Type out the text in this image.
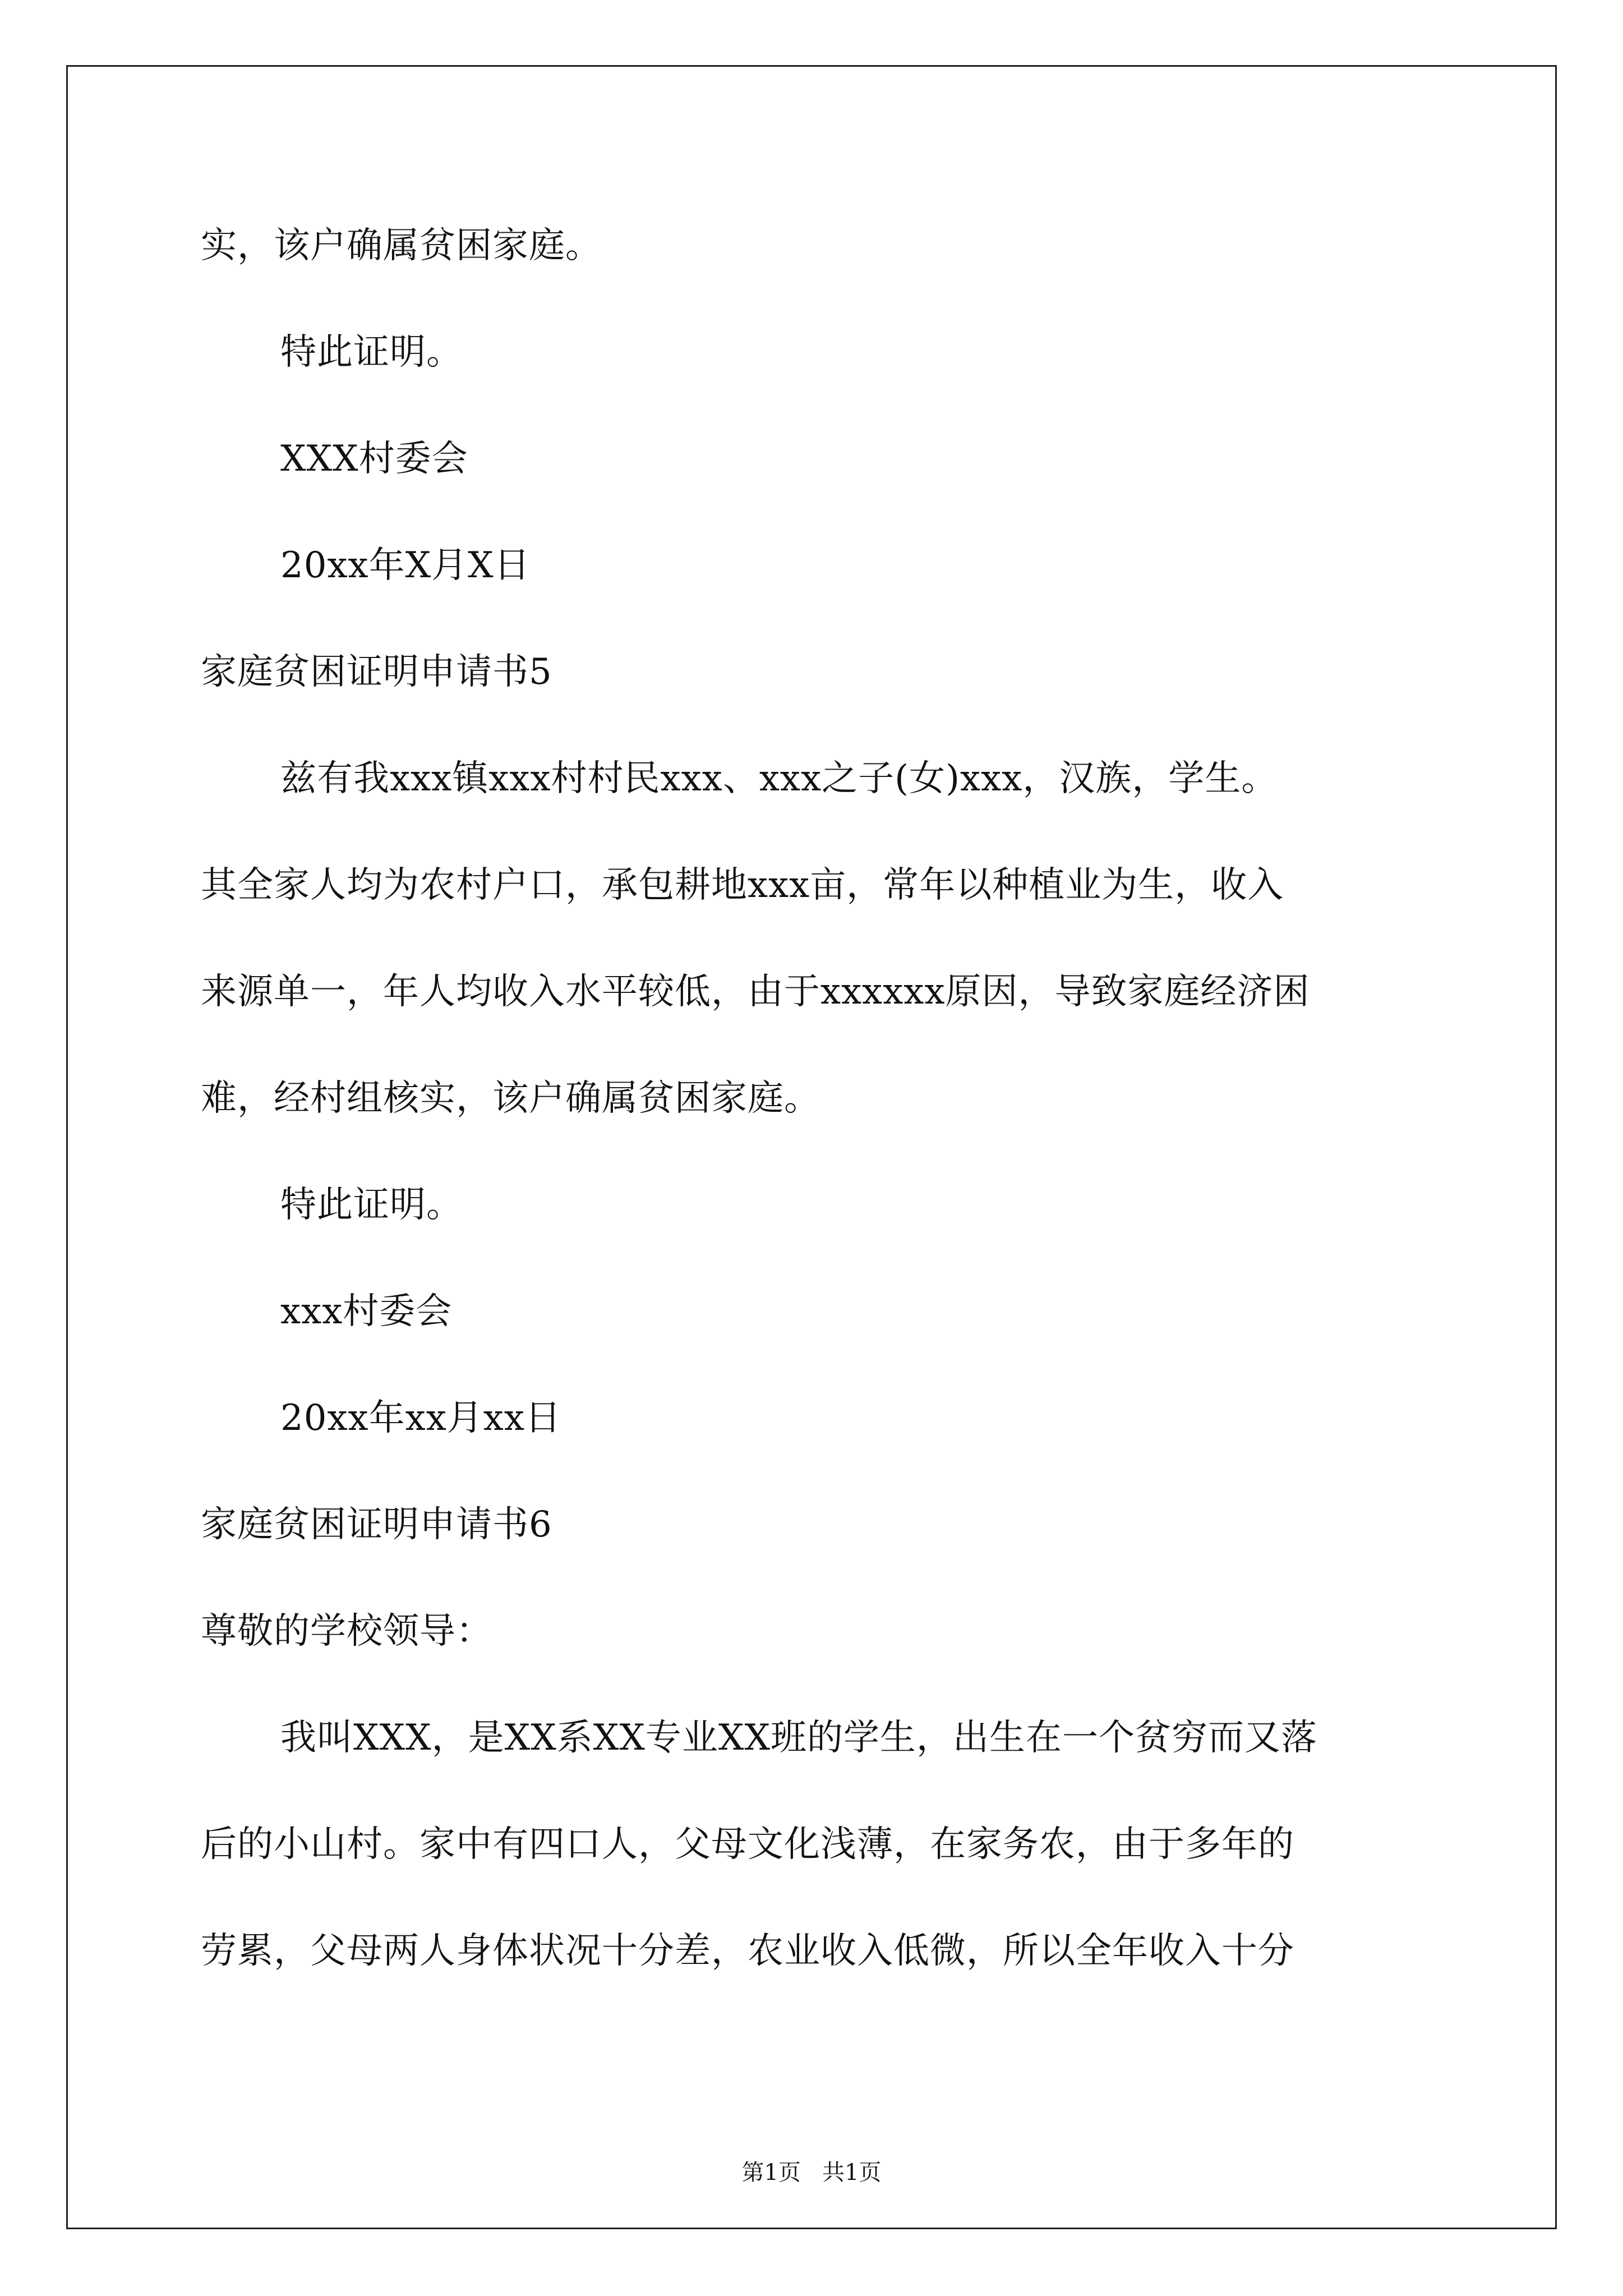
实，该户确属贫困家庭。
特此证明。
XXX村委会
20xx年X月X日
家庭贫困证明申请书5
兹有我xxx镇xxx村村民xxx、xxx之子(女)xxx，汉族，学生。
其全家人均为农村户口，承包耕地xxx亩，常年以种植业为生，收入
来源单一，年人均收入水平较低，由于xxxxxx原因，导致家庭经济困
难，经村组核实，该户确属贫困家庭。
特此证明。
xxx村委会
20xx年xx月xx日
家庭贫困证明申请书6
尊敬的学校领导：
我叫XXX，是XX系XX专业XX班的学生，出生在一个贫穷而又落
后的小山村。家中有四口人，父母文化浅薄，在家务农，由于多年的
劳累，父母两人身体状况十分差，农业收入低微，所以全年收入十分
第1页   共1页
